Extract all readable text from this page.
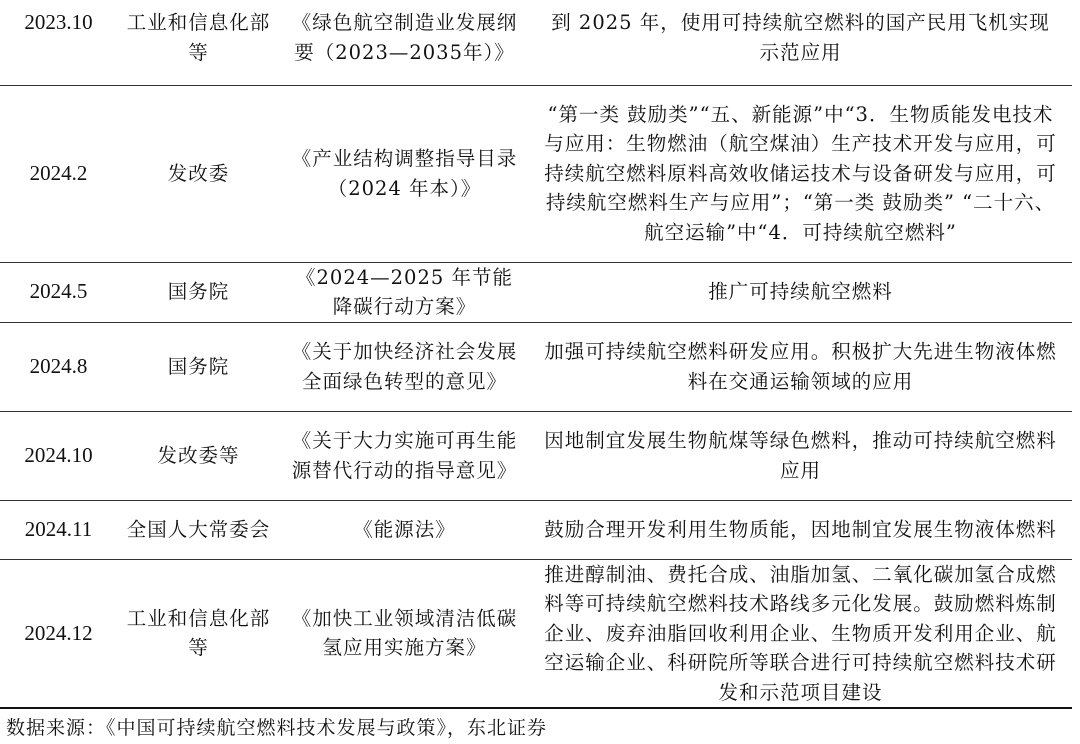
2023.10	工业和信息化部等	《绿色航空制造业发展纲要（2023—2035年）》	到 2025 年，使用可持续航空燃料的国产民用飞机实现示范应用
2024.2	发改委	《产业结构调整指导目录（2024 年本）》	“第一类 鼓励类”“五、新能源”中“3．生物质能发电技术与应用：生物燃油（航空煤油）生产技术开发与应用，可持续航空燃料原料高效收储运技术与设备研发与应用，可持续航空燃料生产与应用”；“第一类 鼓励类” “二十六、航空运输”中“4．可持续航空燃料”
2024.5	国务院	《2024—2025 年节能降碳行动方案》	推广可持续航空燃料
2024.8	国务院	《关于加快经济社会发展全面绿色转型的意见》	加强可持续航空燃料研发应用。积极扩大先进生物液体燃料在交通运输领域的应用
2024.10	发改委等	《关于大力实施可再生能源替代行动的指导意见》	因地制宜发展生物航煤等绿色燃料，推动可持续航空燃料应用
2024.11	全国人大常委会	《能源法》	鼓励合理开发利用生物质能，因地制宜发展生物液体燃料
2024.12	工业和信息化部等	《加快工业领域清洁低碳氢应用实施方案》	推进醇制油、费托合成、油脂加氢、二氧化碳加氢合成燃料等可持续航空燃料技术路线多元化发展。鼓励燃料炼制企业、废弃油脂回收利用企业、生物质开发利用企业、航空运输企业、科研院所等联合进行可持续航空燃料技术研发和示范项目建设
数据来源：《中国可持续航空燃料技术发展与政策》，东北证券
